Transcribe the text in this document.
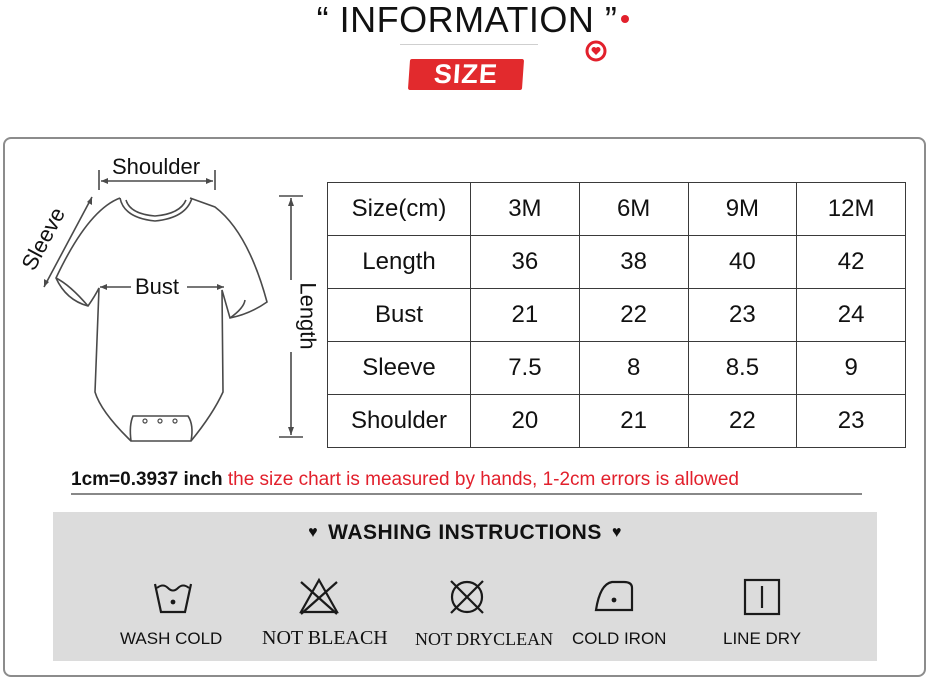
“ INFORMATION ”
SIZE
Shoulder
Sleeve
Bust	Length
Size(cm)	3M	6M	9M	12M
Length	36	38	40	42
Bust	21	22	23	24
Sleeve	7.5	8	8.5	9
Shoulder	20	21	22	23
1cm=0.3937 inch the size chart is measured by hands, 1-2cm errors is allowed
♥ WASHING INSTRUCTIONS ♥
WASH COLD NOT BLEACH NOT DRYCLEAN COLD IRON	LINE DRY
